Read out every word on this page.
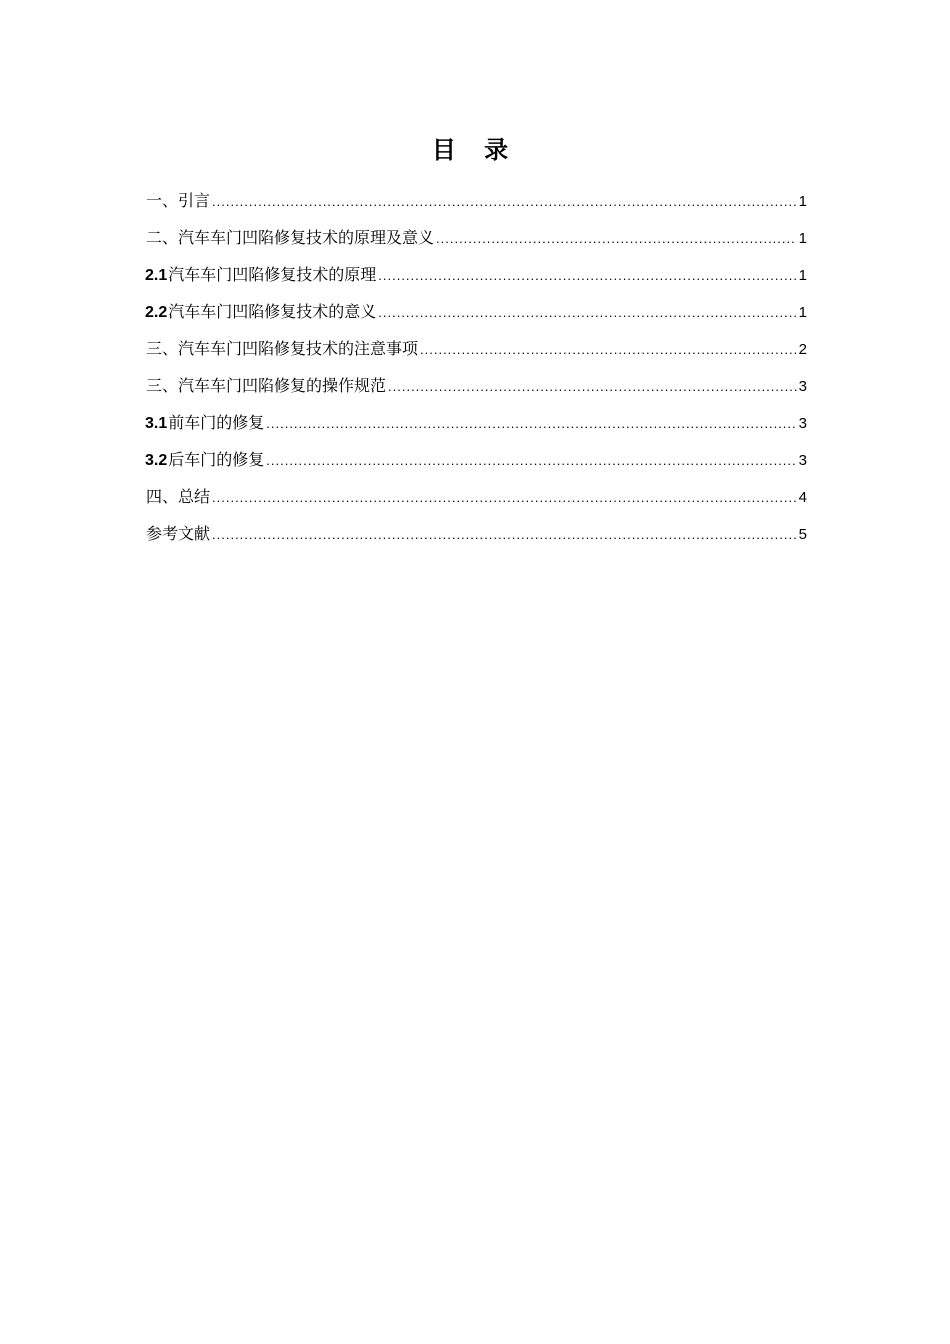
目 录
一、引言 .....	1
二、汽车车门凹陷修复技术的原理及意义 .....	1
2.1汽车车门凹陷修复技术的原理 .....	1
2.2汽车车门凹陷修复技术的意义 .....	1
三、汽车车门凹陷修复技术的注意事项 .....	2
三、汽车车门凹陷修复的操作规范 .....	3
3.1前车门的修复 .....	3
3.2后车门的修复 .....	3
四、总结 .....	4
参考文献 .....	5
